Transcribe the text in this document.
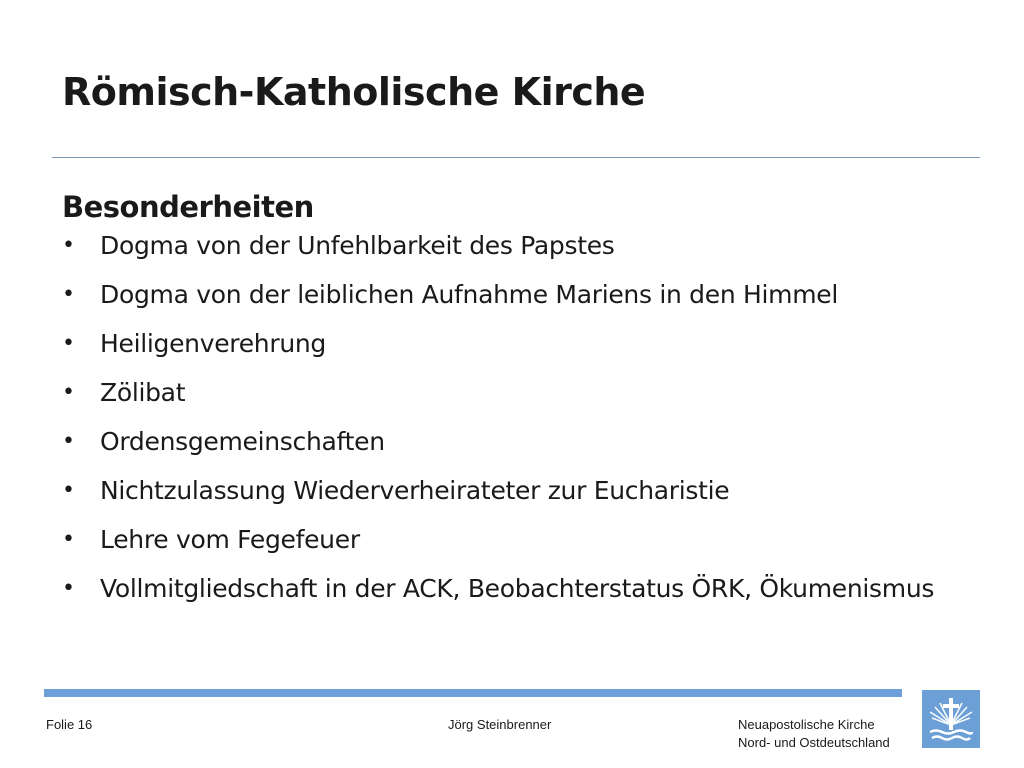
Römisch-Katholische Kirche
Besonderheiten
• Dogma von der Unfehlbarkeit des Papstes
• Dogma von der leiblichen Aufnahme Mariens in den Himmel
• Heiligenverehrung
• Zölibat
• Ordensgemeinschaften
• Nichtzulassung Wiederverheirateter zur Eucharistie
• Lehre vom Fegefeuer
• Vollmitgliedschaft in der ACK, Beobachterstatus ÖRK, Ökumenismus
Folie 16	Jörg Steinbrenner	Neuapostolische Kirche
Nord- und Ostdeutschland
